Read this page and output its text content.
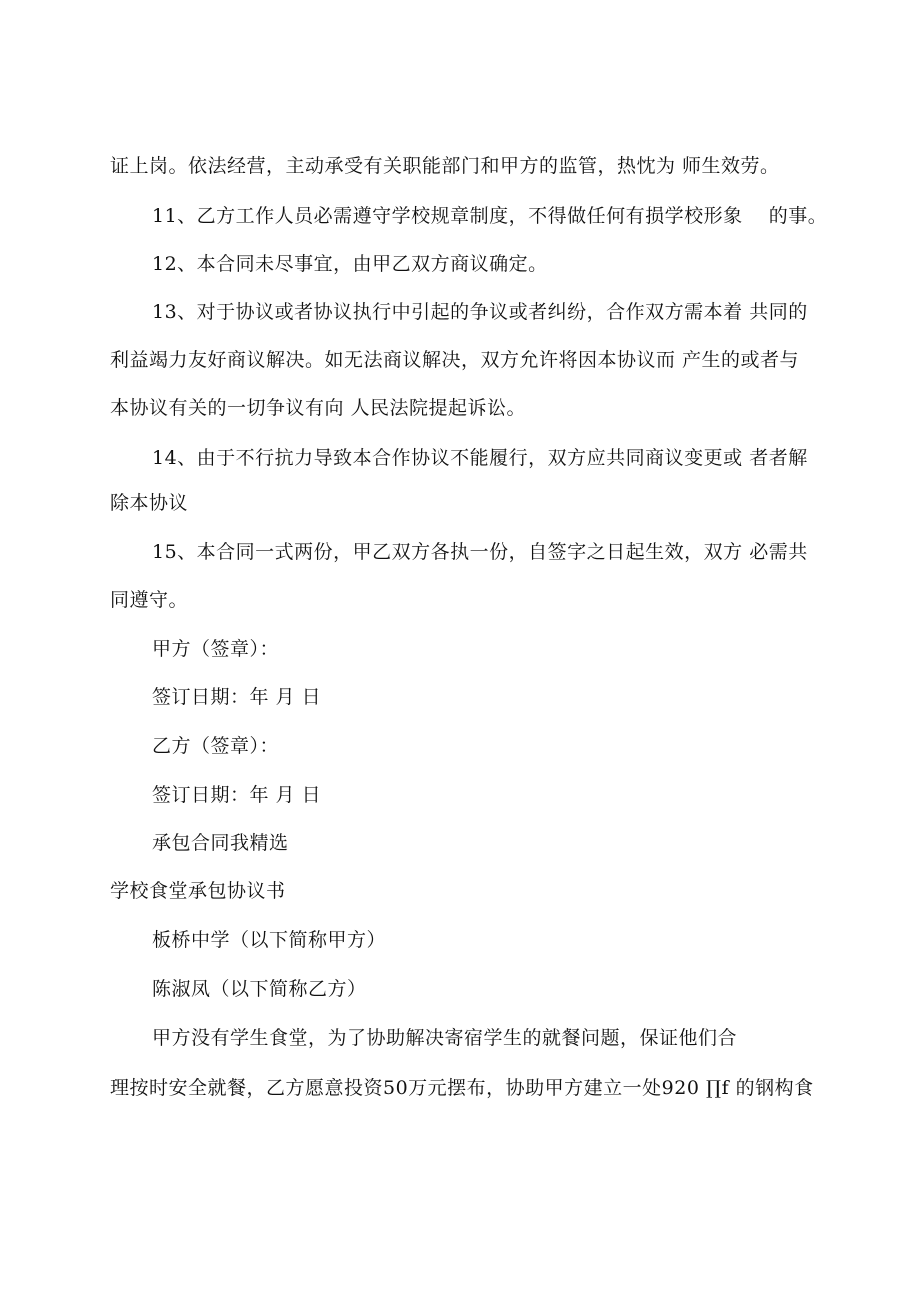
证上岗。依法经营，主动承受有关职能部门和甲方的监管，热忱为 师生效劳。
11、乙方工作人员必需遵守学校规章制度，不得做任何有损学校形象　 的事。
12、本合同未尽事宜，由甲乙双方商议确定。
13、对于协议或者协议执行中引起的争议或者纠纷，合作双方需本着 共同的
利益竭力友好商议解决。如无法商议解决，双方允许将因本协议而 产生的或者与
本协议有关的一切争议有向 人民法院提起诉讼。
14、由于不行抗力导致本合作协议不能履行，双方应共同商议变更或 者者解
除本协议
15、本合同一式两份，甲乙双方各执一份，自签字之日起生效，双方 必需共
同遵守。
甲方（签章）：
签订日期：年 月 日
乙方（签章）：
签订日期：年 月 日
承包合同我精选
学校食堂承包协议书
板桥中学（以下简称甲方）
陈淑凤（以下简称乙方）
甲方没有学生食堂，为了协助解决寄宿学生的就餐问题，保证他们合
理按时安全就餐，乙方愿意投资50万元摆布，协助甲方建立一处920 ∏f 的钢构食
